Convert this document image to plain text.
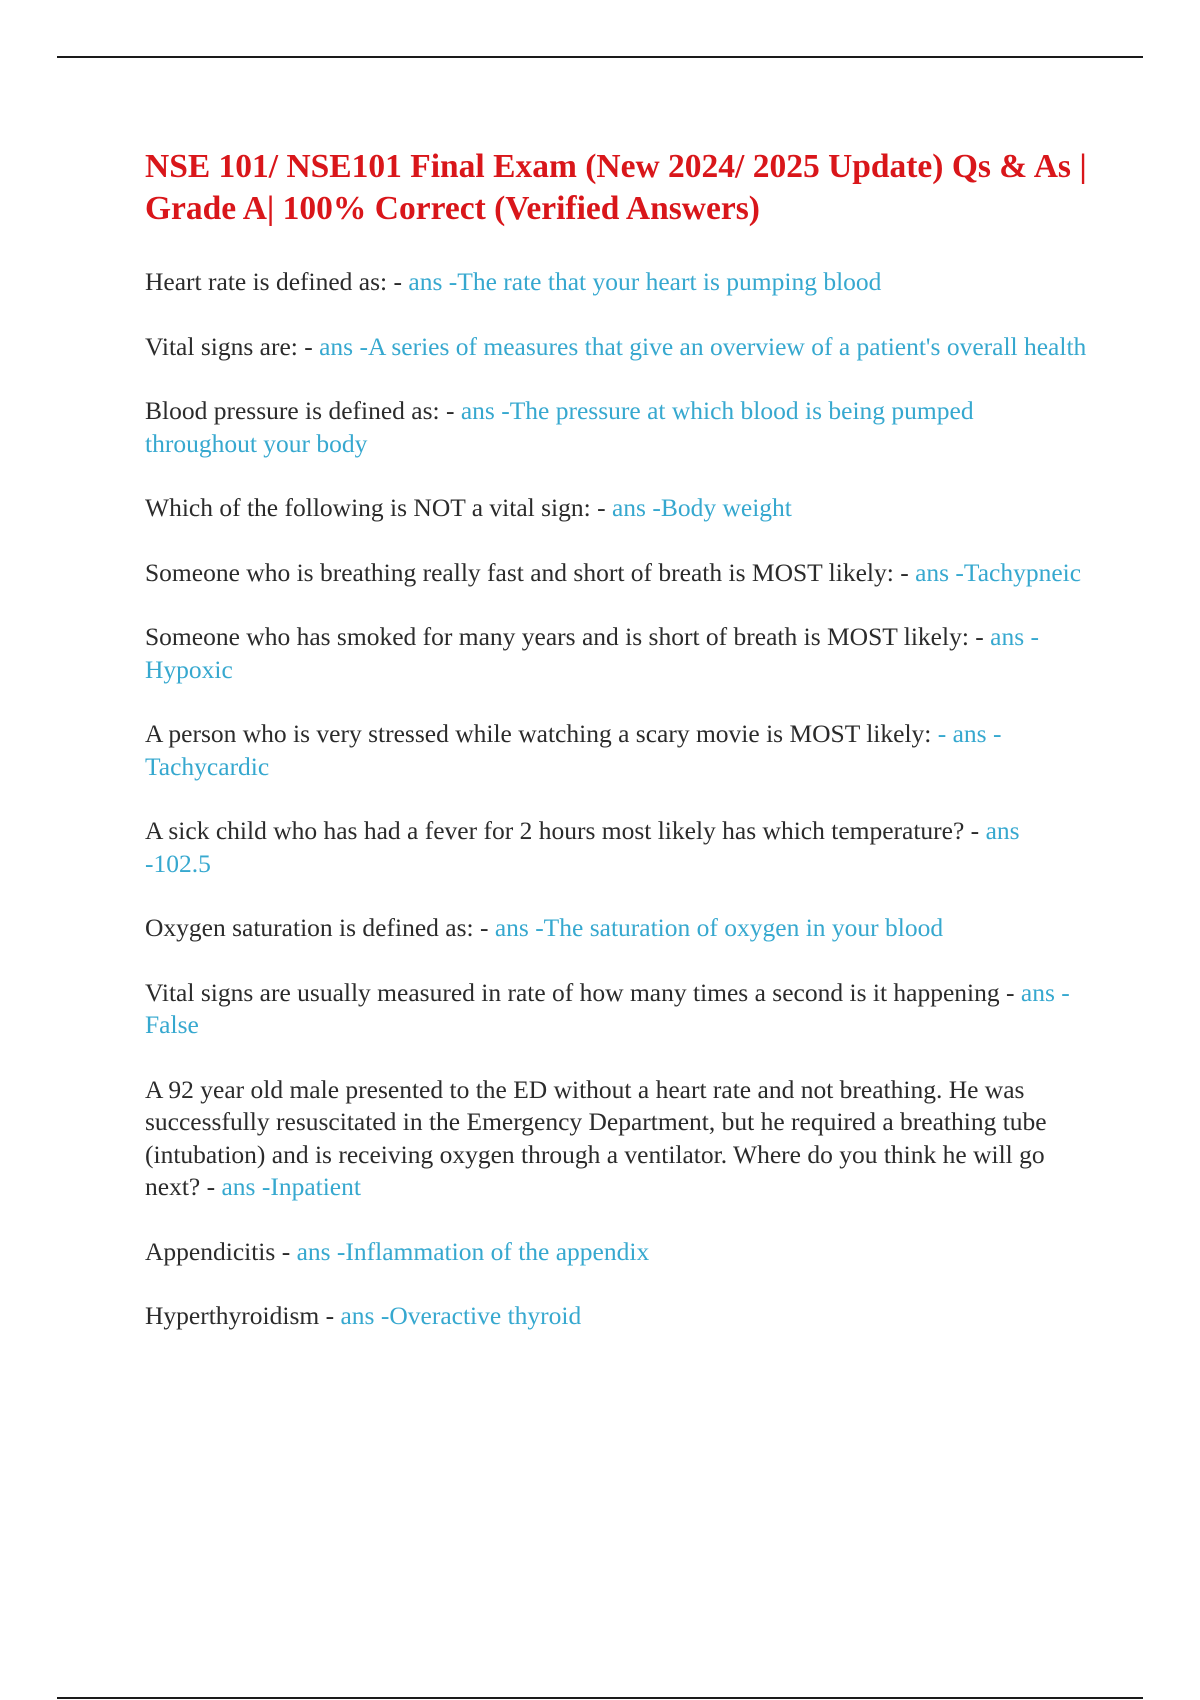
NSE 101/ NSE101 Final Exam (New 2024/ 2025 Update) Qs & As | Grade A| 100% Correct (Verified Answers)

Heart rate is defined as: - ans -The rate that your heart is pumping blood

Vital signs are: - ans -A series of measures that give an overview of a patient's overall health

Blood pressure is defined as: - ans -The pressure at which blood is being pumped throughout your body

Which of the following is NOT a vital sign: - ans -Body weight

Someone who is breathing really fast and short of breath is MOST likely: - ans -Tachypneic

Someone who has smoked for many years and is short of breath is MOST likely: - ans -Hypoxic

A person who is very stressed while watching a scary movie is MOST likely: - ans -Tachycardic

A sick child who has had a fever for 2 hours most likely has which temperature? - ans -102.5

Oxygen saturation is defined as: - ans -The saturation of oxygen in your blood

Vital signs are usually measured in rate of how many times a second is it happening - ans -False

A 92 year old male presented to the ED without a heart rate and not breathing. He was successfully resuscitated in the Emergency Department, but he required a breathing tube (intubation) and is receiving oxygen through a ventilator. Where do you think he will go next? - ans -Inpatient

Appendicitis - ans -Inflammation of the appendix

Hyperthyroidism - ans -Overactive thyroid
